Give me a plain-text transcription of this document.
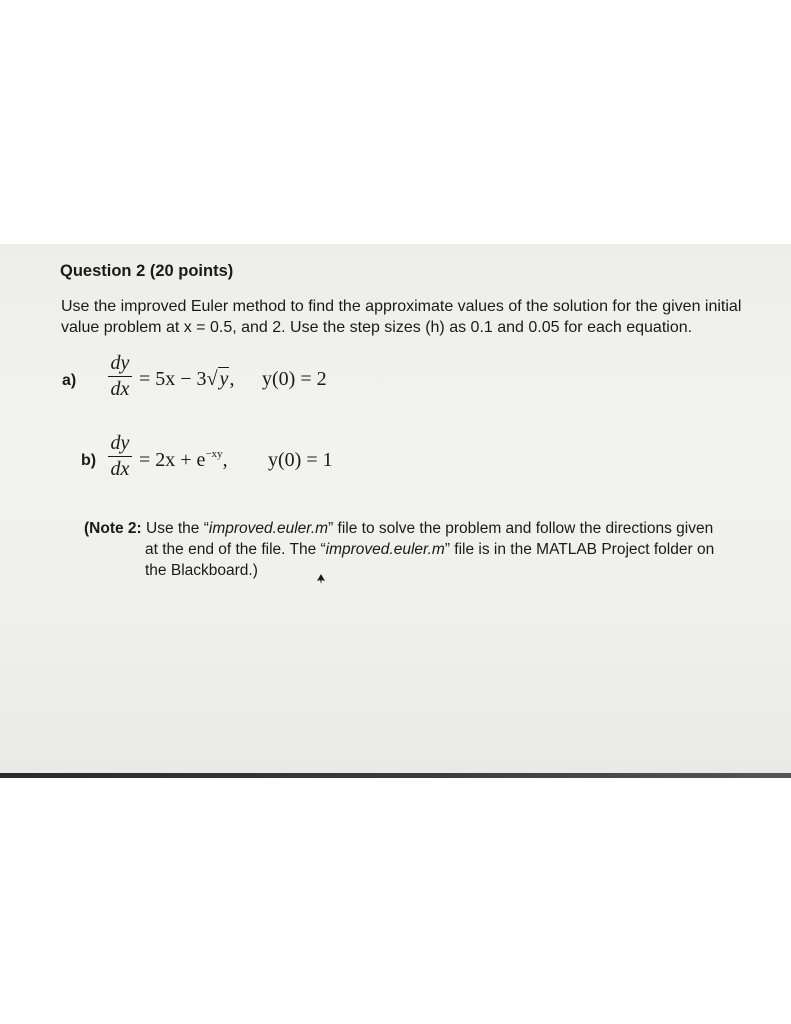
Question 2 (20 points)
Use the improved Euler method to find the approximate values of the solution for the given initial value problem at x = 0.5, and 2. Use the step sizes (h) as 0.1 and 0.05 for each equation.
a)
dy
dx = 5x − 3√ y, y(0) = 2
b)
dy
dx = $2x + e^{-xy}$, y(0) = 1
(Note 2: Use the “improved.euler.m” file to solve the problem and follow the directions given
at the end of the file. The “improved.euler.m” file is in the MATLAB Project folder on
the Blackboard.)
